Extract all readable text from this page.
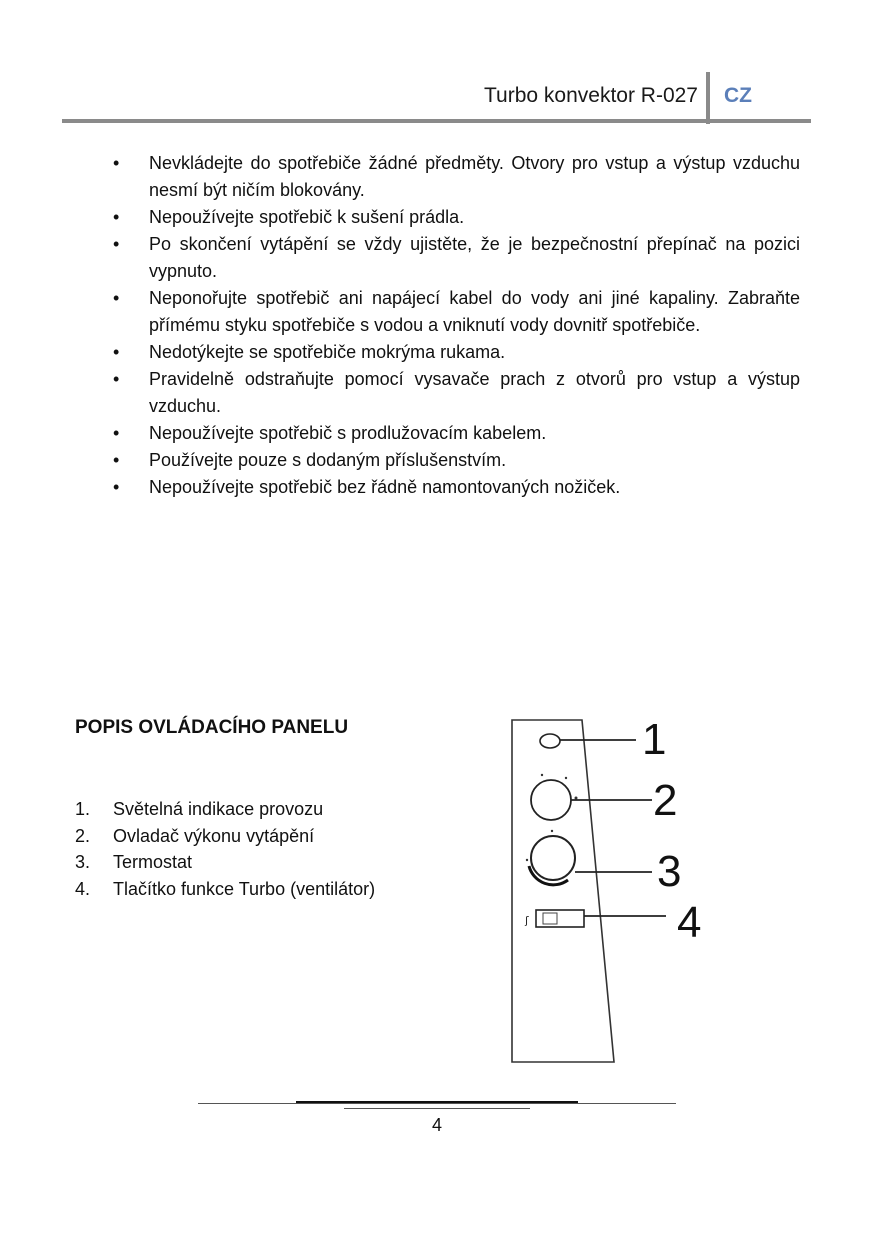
Turbo konvektor R-027 CZ
• Nevkládejte do spotřebiče žádné předměty. Otvory pro vstup a výstup vzduchu nesmí být ničím blokovány.
• Nepoužívejte spotřebič k sušení prádla.
• Po skončení vytápění se vždy ujistěte, že je bezpečnostní přepínač na pozici vypnuto.
• Neponořujte spotřebič ani napájecí kabel do vody ani jiné kapaliny. Zabraňte přímému styku spotřebiče s vodou a vniknutí vody dovnitř spotřebiče.
• Nedotýkejte se spotřebiče mokrýma rukama.
• Pravidelně odstraňujte pomocí vysavače prach z otvorů pro vstup a výstup vzduchu.
• Nepoužívejte spotřebič s prodlužovacím kabelem.
• Používejte pouze s dodaným příslušenstvím.
• Nepoužívejte spotřebič bez řádně namontovaných nožiček.
POPIS OVLÁDACÍHO PANELU
1.	Světelná indikace provozu
2.	Ovladač výkonu vytápění
3.	Termostat
4.	Tlačítko funkce Turbo (ventilátor)
1
2
3
ʃ	4
4
